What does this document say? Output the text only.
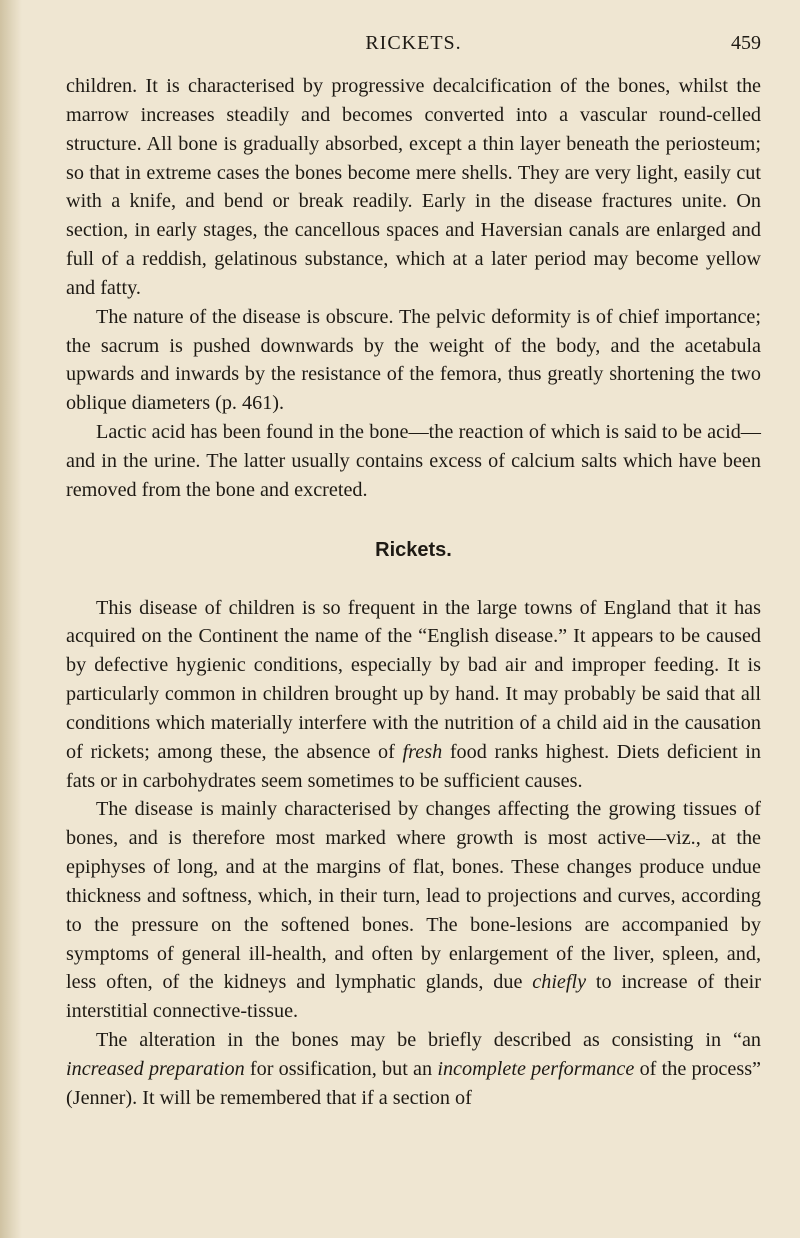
RICKETS.	459

children. It is characterised by progressive decalcification of the bones, whilst the marrow increases steadily and becomes converted into a vascular round-celled structure. All bone is gradually absorbed, except a thin layer beneath the periosteum; so that in extreme cases the bones become mere shells. They are very light, easily cut with a knife, and bend or break readily. Early in the disease fractures unite. On section, in early stages, the cancellous spaces and Haversian canals are enlarged and full of a reddish, gelatinous substance, which at a later period may become yellow and fatty.

The nature of the disease is obscure. The pelvic deformity is of chief importance; the sacrum is pushed downwards by the weight of the body, and the acetabula upwards and inwards by the resistance of the femora, thus greatly shortening the two oblique diameters (p. 461).

Lactic acid has been found in the bone—the reaction of which is said to be acid—and in the urine. The latter usually contains excess of calcium salts which have been removed from the bone and excreted.

Rickets.

This disease of children is so frequent in the large towns of England that it has acquired on the Continent the name of the “English disease.” It appears to be caused by defective hygienic conditions, especially by bad air and improper feeding. It is particularly common in children brought up by hand. It may probably be said that all conditions which materially interfere with the nutrition of a child aid in the causation of rickets; among these, the absence of fresh food ranks highest. Diets deficient in fats or in carbohydrates seem sometimes to be sufficient causes.

The disease is mainly characterised by changes affecting the growing tissues of bones, and is therefore most marked where growth is most active—viz., at the epiphyses of long, and at the margins of flat, bones. These changes produce undue thickness and softness, which, in their turn, lead to projections and curves, according to the pressure on the softened bones. The bone-lesions are accompanied by symptoms of general ill-health, and often by enlargement of the liver, spleen, and, less often, of the kidneys and lymphatic glands, due chiefly to increase of their interstitial connective-tissue.

The alteration in the bones may be briefly described as consisting in “an increased preparation for ossification, but an incomplete performance of the process” (Jenner). It will be remembered that if a section of
